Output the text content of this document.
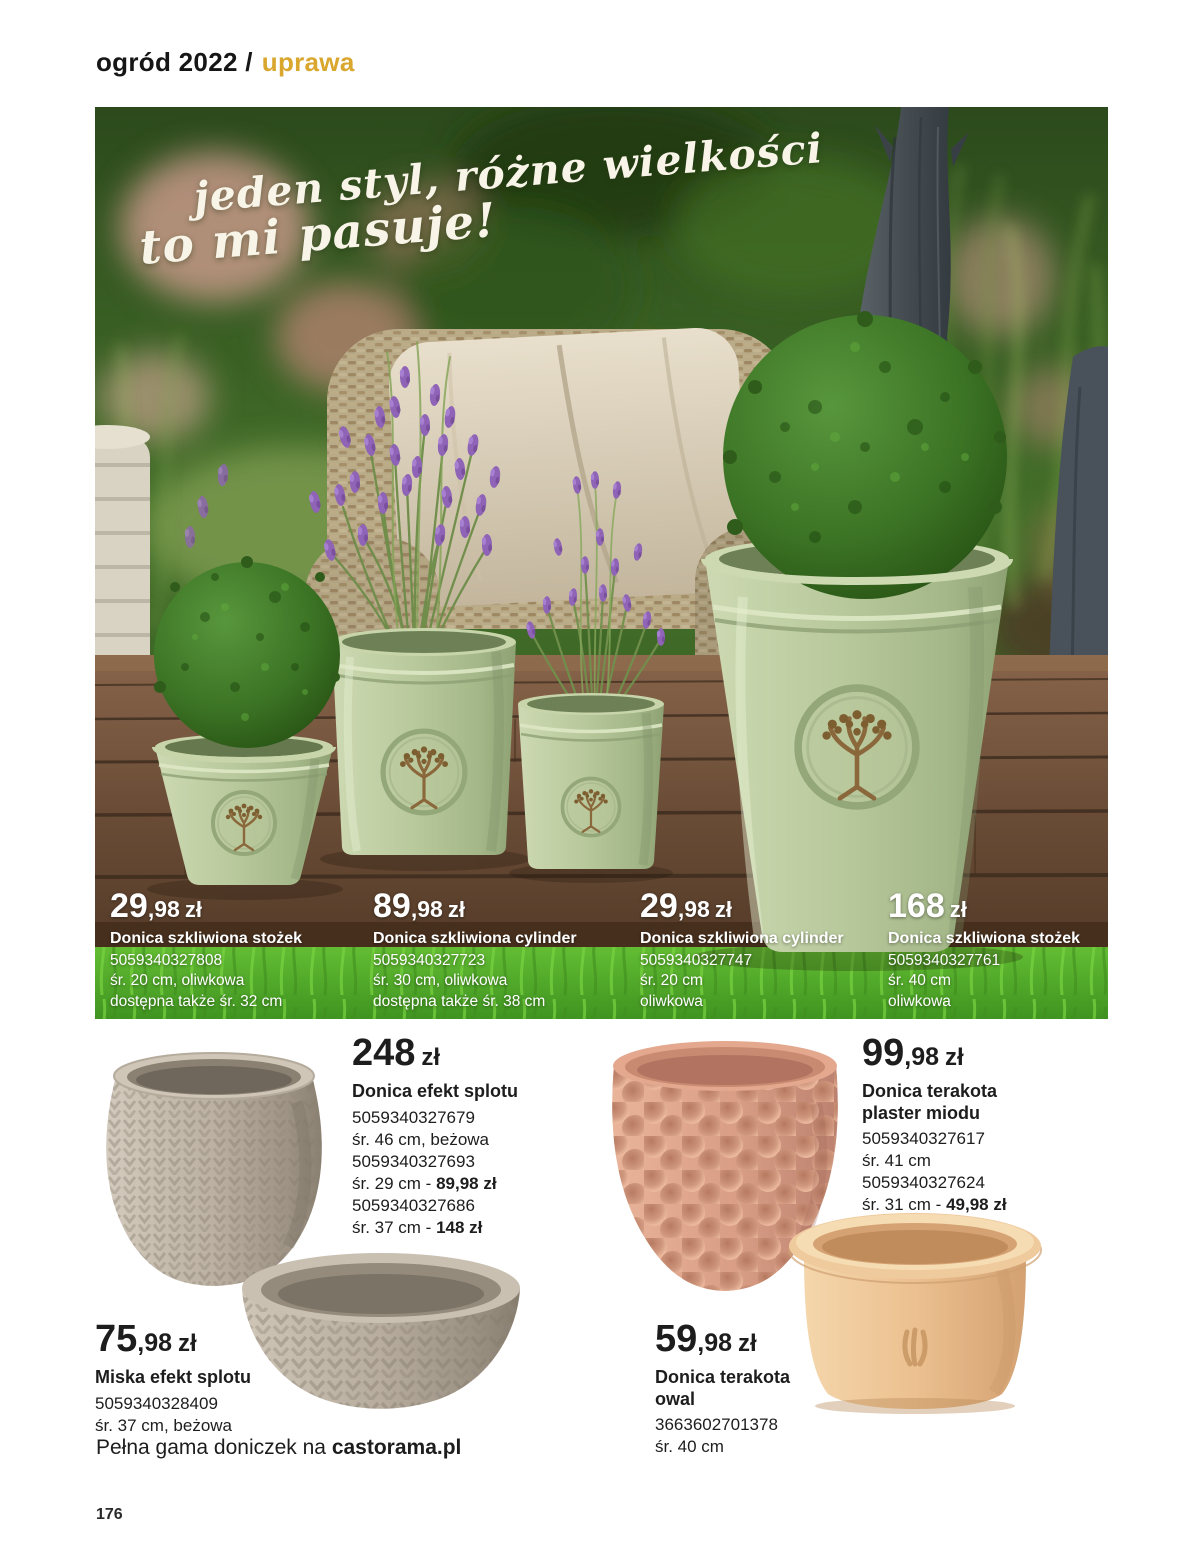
ogród 2022 / uprawa
jeden styl, różne wielkości
to mi pasuje!
29,98 zł
Donica szkliwiona stożek
5059340327808
śr. 20 cm, oliwkowa
dostępna także śr. 32 cm
89,98 zł
Donica szkliwiona cylinder
5059340327723
śr. 30 cm, oliwkowa
dostępna także śr. 38 cm
29,98 zł
Donica szkliwiona cylinder
5059340327747
śr. 20 cm
oliwkowa
168 zł
Donica szkliwiona stożek
5059340327761
śr. 40 cm
oliwkowa
248 zł
Donica efekt splotu
5059340327679
śr. 46 cm, beżowa
5059340327693
śr. 29 cm - 89,98 zł
5059340327686
śr. 37 cm - 148 zł
99,98 zł
Donica terakota plaster miodu
5059340327617
śr. 41 cm
5059340327624
śr. 31 cm - 49,98 zł
75,98 zł
Miska efekt splotu
5059340328409
śr. 37 cm, beżowa
59,98 zł
Donica terakota owal
3663602701378
śr. 40 cm
Pełna gama doniczek na castorama.pl
176
